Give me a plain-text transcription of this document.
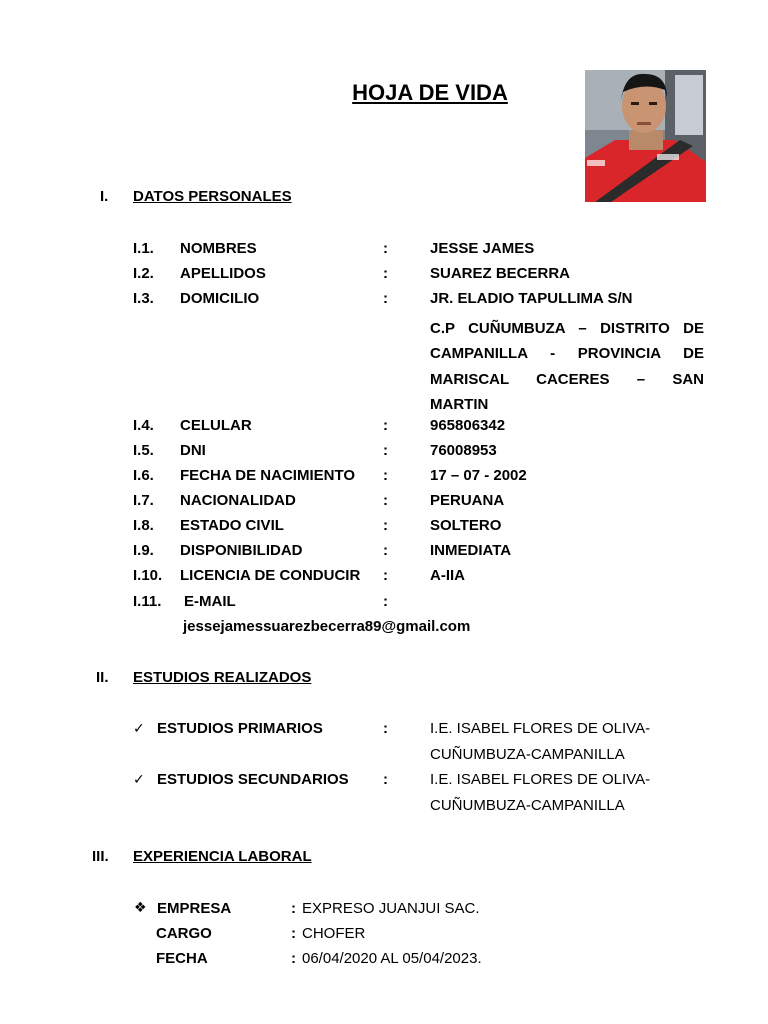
HOJA DE VIDA
I. DATOS PERSONALES
I.1. NOMBRES	:	JESSE JAMES
I.2. APELLIDOS	:	SUAREZ BECERRA
I.3. DOMICILIO	:	JR. ELADIO TAPULLIMA S/N
C.P CUÑUMBUZA – DISTRITO DE
CAMPANILLA - PROVINCIA DE
MARISCAL CACERES – SAN
MARTIN
I.4. CELULAR	:	965806342
I.5. DNI	:	76008953
I.6. FECHA DE NACIMIENTO :	17 – 07 - 2002
I.7. NACIONALIDAD	:	PERUANA
I.8. ESTADO CIVIL	:	SOLTERO
I.9. DISPONIBILIDAD	:	INMEDIATA
I.10. LICENCIA DE CONDUCIR :	A-IIA
I.11. E-MAIL	:
jessejamessuarezbecerra89@gmail.com
II. ESTUDIOS REALIZADOS
✓ ESTUDIOS PRIMARIOS	:	I.E. ISABEL FLORES DE OLIVA-
CUÑUMBUZA-CAMPANILLA
✓ ESTUDIOS SECUNDARIOS :	I.E. ISABEL FLORES DE OLIVA-
CUÑUMBUZA-CAMPANILLA
III. EXPERIENCIA LABORAL
❖ EMPRESA	: EXPRESO JUANJUI SAC.
CARGO	: CHOFER
FECHA	: 06/04/2020 AL 05/04/2023.
